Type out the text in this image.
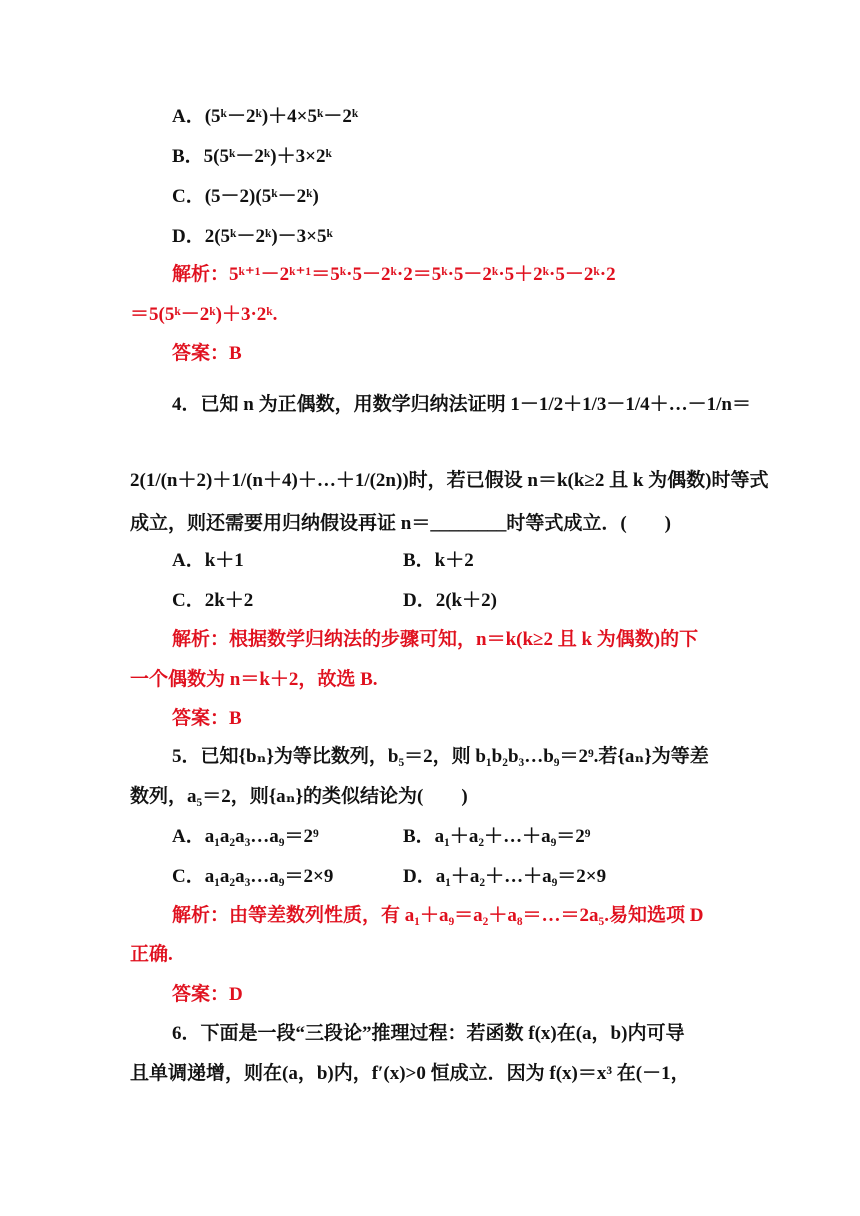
A．(5ᵏ－2ᵏ)＋4×5ᵏ－2ᵏ
B．5(5ᵏ－2ᵏ)＋3×2ᵏ
C．(5－2)(5ᵏ－2ᵏ)
D．2(5ᵏ－2ᵏ)－3×5ᵏ
解析：5ᵏ⁺¹－2ᵏ⁺¹＝5ᵏ·5－2ᵏ·2＝5ᵏ·5－2ᵏ·5＋2ᵏ·5－2ᵏ·2
＝5(5ᵏ－2ᵏ)＋3·2ᵏ.
答案：B
4．已知 n 为正偶数，用数学归纳法证明 1－1/2＋1/3－1/4＋…－1/n＝
2(1/(n＋2)＋1/(n＋4)＋…＋1/(2n))时，若已假设 n＝k(k≥2 且 k 为偶数)时等式
成立，则还需要用归纳假设再证 n＝________时等式成立．(　　)
A．k＋1	B．k＋2
C．2k＋2	D．2(k＋2)
解析：根据数学归纳法的步骤可知，n＝k(k≥2 且 k 为偶数)的下
一个偶数为 n＝k＋2，故选 B.
答案：B
5．已知{bₙ}为等比数列，b₅＝2，则 b₁b₂b₃…b₉＝2⁹.若{aₙ}为等差
数列，a₅＝2，则{aₙ}的类似结论为(　　)
A．a₁a₂a₃…a₉＝2⁹	B．a₁＋a₂＋…＋a₉＝2⁹
C．a₁a₂a₃…a₉＝2×9	D．a₁＋a₂＋…＋a₉＝2×9
解析：由等差数列性质，有 a₁＋a₉＝a₂＋a₈＝…＝2a₅.易知选项 D
正确.
答案：D
6．下面是一段“三段论”推理过程：若函数 f(x)在(a，b)内可导
且单调递增，则在(a，b)内，f′(x)>0 恒成立．因为 f(x)＝x³ 在(－1，
